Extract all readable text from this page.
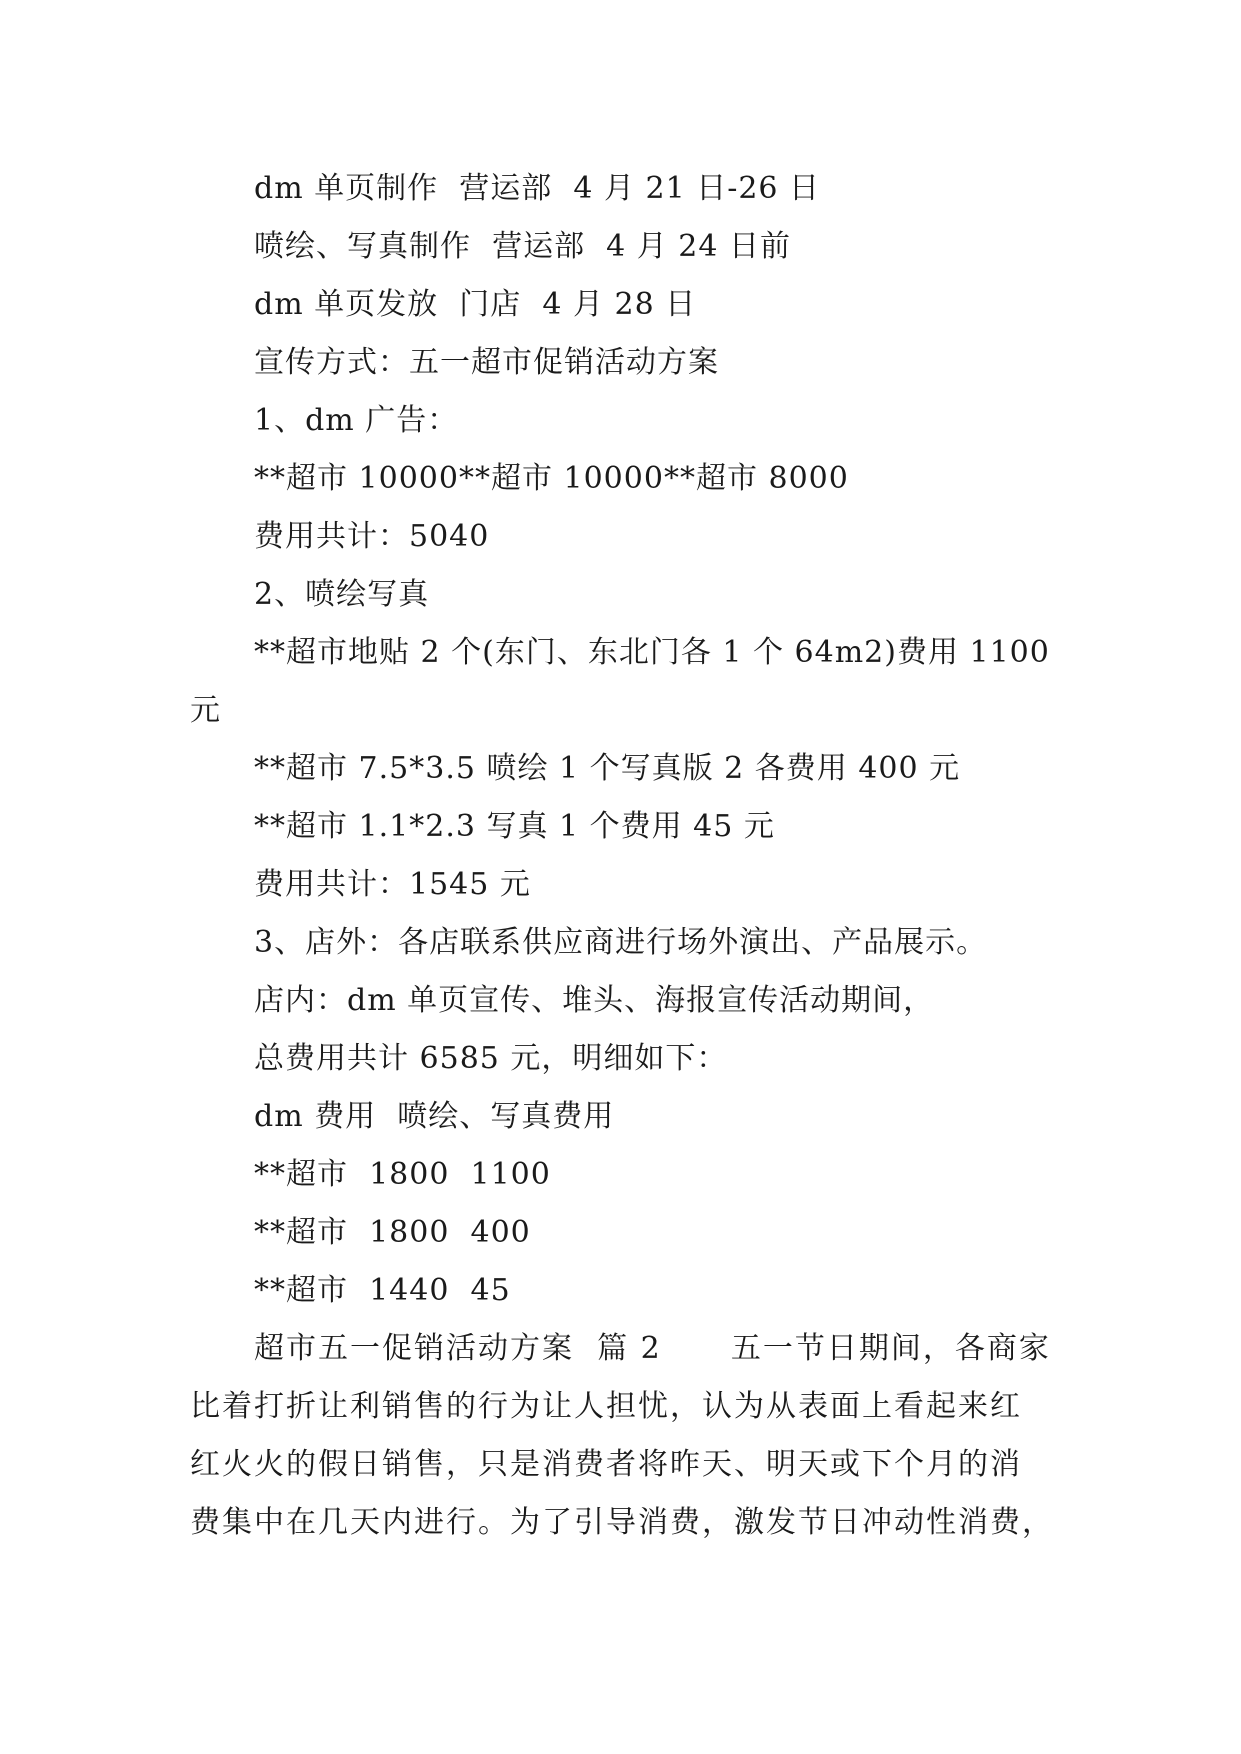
dm 单页制作  营运部  4 月 21 日-26 日
喷绘、写真制作  营运部  4 月 24 日前
dm 单页发放  门店  4 月 28 日
宣传方式：五一超市促销活动方案
1、dm 广告：
**超市 10000**超市 10000**超市 8000
费用共计：5040
2、喷绘写真
**超市地贴 2 个(东门、东北门各 1 个 64m2)费用 1100
元
**超市 7.5*3.5 喷绘 1 个写真版 2 各费用 400 元
**超市 1.1*2.3 写真 1 个费用 45 元
费用共计：1545 元
3、店外：各店联系供应商进行场外演出、产品展示。
店内：dm 单页宣传、堆头、海报宣传活动期间，
总费用共计 6585 元，明细如下：
dm 费用  喷绘、写真费用
**超市  1800  1100
**超市  1800  400
**超市  1440  45
超市五一促销活动方案  篇 2      五一节日期间，各商家
比着打折让利销售的行为让人担忧，认为从表面上看起来红
红火火的假日销售，只是消费者将昨天、明天或下个月的消
费集中在几天内进行。为了引导消费，激发节日冲动性消费，
